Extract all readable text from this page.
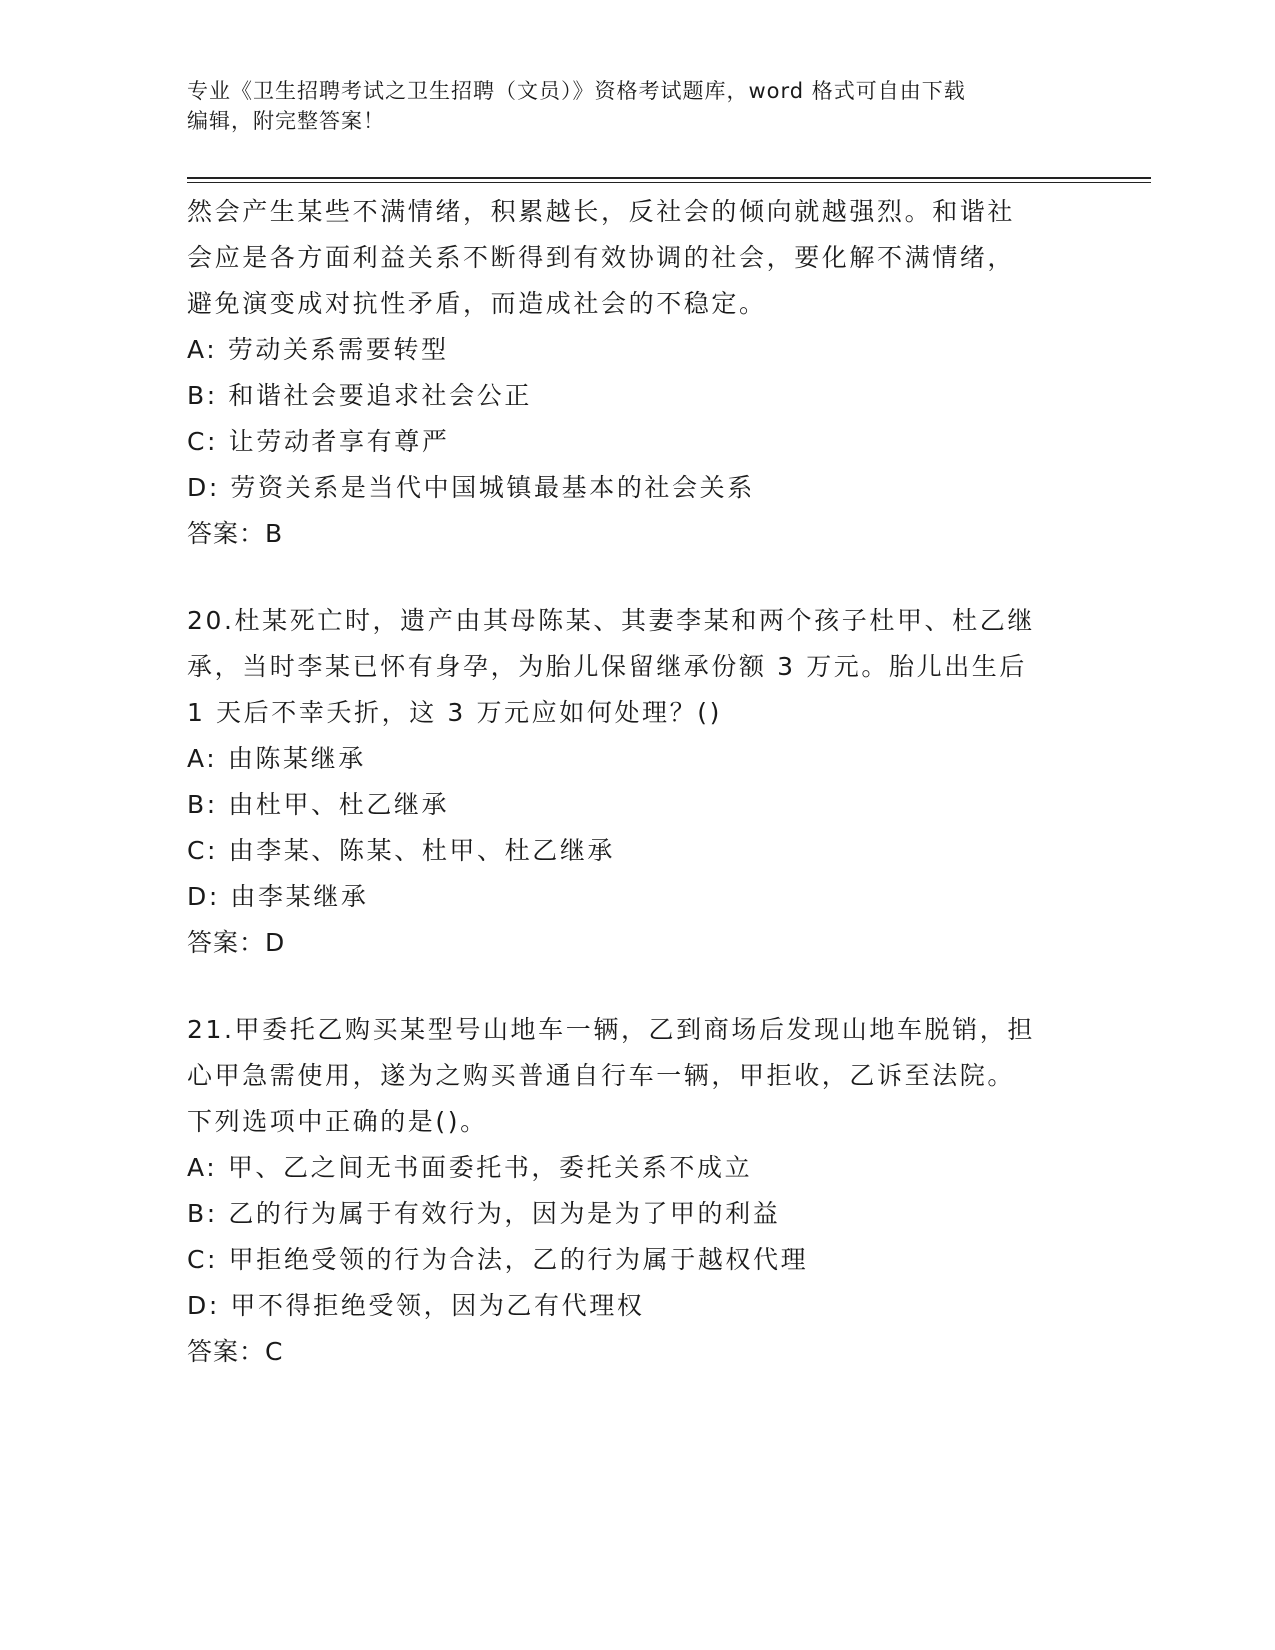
专业《卫生招聘考试之卫生招聘（文员）》资格考试题库，word 格式可自由下载
编辑，附完整答案！
然会产生某些不满情绪，积累越长，反社会的倾向就越强烈。和谐社
会应是各方面利益关系不断得到有效协调的社会，要化解不满情绪，
避免演变成对抗性矛盾，而造成社会的不稳定。
A: 劳动关系需要转型
B: 和谐社会要追求社会公正
C: 让劳动者享有尊严
D: 劳资关系是当代中国城镇最基本的社会关系
答案：B
20.杜某死亡时，遗产由其母陈某、其妻李某和两个孩子杜甲、杜乙继
承，当时李某已怀有身孕，为胎儿保留继承份额 3 万元。胎儿出生后
1 天后不幸夭折，这 3 万元应如何处理？()
A: 由陈某继承
B: 由杜甲、杜乙继承
C: 由李某、陈某、杜甲、杜乙继承
D: 由李某继承
答案：D
21.甲委托乙购买某型号山地车一辆，乙到商场后发现山地车脱销，担
心甲急需使用，遂为之购买普通自行车一辆，甲拒收，乙诉至法院。
下列选项中正确的是()。
A: 甲、乙之间无书面委托书，委托关系不成立
B: 乙的行为属于有效行为，因为是为了甲的利益
C: 甲拒绝受领的行为合法，乙的行为属于越权代理
D: 甲不得拒绝受领，因为乙有代理权
答案：C
